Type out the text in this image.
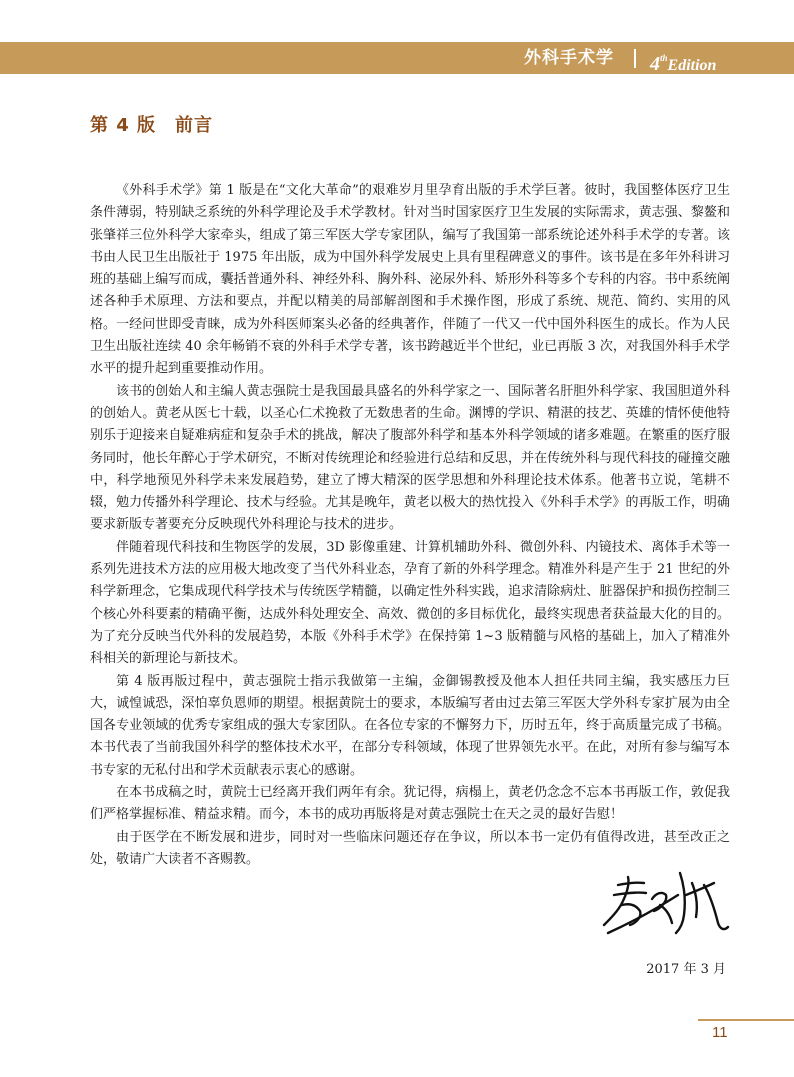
外科手术学 4thEdition
第 4 版　前言

《外科手术学》第 1 版是在“文化大革命”的艰难岁月里孕育出版的手术学巨著。彼时，我国整体医疗卫生条件薄弱，特别缺乏系统的外科学理论及手术学教材。针对当时国家医疗卫生发展的实际需求，黄志强、黎鳌和张肇祥三位外科学大家牵头，组成了第三军医大学专家团队，编写了我国第一部系统论述外科手术学的专著。该书由人民卫生出版社于 1975 年出版，成为中国外科学发展史上具有里程碑意义的事件。该书是在多年外科讲习班的基础上编写而成，囊括普通外科、神经外科、胸外科、泌尿外科、矫形外科等多个专科的内容。书中系统阐述各种手术原理、方法和要点，并配以精美的局部解剖图和手术操作图，形成了系统、规范、简约、实用的风格。一经问世即受青睐，成为外科医师案头必备的经典著作，伴随了一代又一代中国外科医生的成长。作为人民卫生出版社连续 40 余年畅销不衰的外科手术学专著，该书跨越近半个世纪，业已再版 3 次，对我国外科手术学水平的提升起到重要推动作用。

该书的创始人和主编人黄志强院士是我国最具盛名的外科学家之一、国际著名肝胆外科学家、我国胆道外科的创始人。黄老从医七十载，以圣心仁术挽救了无数患者的生命。渊博的学识、精湛的技艺、英雄的情怀使他特别乐于迎接来自疑难病症和复杂手术的挑战，解决了腹部外科学和基本外科学领域的诸多难题。在繁重的医疗服务同时，他长年醉心于学术研究，不断对传统理论和经验进行总结和反思，并在传统外科与现代科技的碰撞交融中，科学地预见外科学未来发展趋势，建立了博大精深的医学思想和外科理论技术体系。他著书立说，笔耕不辍，勉力传播外科学理论、技术与经验。尤其是晚年，黄老以极大的热忱投入《外科手术学》的再版工作，明确要求新版专著要充分反映现代外科理论与技术的进步。

伴随着现代科技和生物医学的发展，3D 影像重建、计算机辅助外科、微创外科、内镜技术、离体手术等一系列先进技术方法的应用极大地改变了当代外科业态，孕育了新的外科学理念。精准外科是产生于 21 世纪的外科学新理念，它集成现代科学技术与传统医学精髓，以确定性外科实践，追求清除病灶、脏器保护和损伤控制三个核心外科要素的精确平衡，达成外科处理安全、高效、微创的多目标优化，最终实现患者获益最大化的目的。为了充分反映当代外科的发展趋势，本版《外科手术学》在保持第 1~3 版精髓与风格的基础上，加入了精准外科相关的新理论与新技术。

第 4 版再版过程中，黄志强院士指示我做第一主编，金御锡教授及他本人担任共同主编，我实感压力巨大，诚惶诚恐，深怕辜负恩师的期望。根据黄院士的要求，本版编写者由过去第三军医大学外科专家扩展为由全国各专业领域的优秀专家组成的强大专家团队。在各位专家的不懈努力下，历时五年，终于高质量完成了书稿。本书代表了当前我国外科学的整体技术水平，在部分专科领域，体现了世界领先水平。在此，对所有参与编写本书专家的无私付出和学术贡献表示衷心的感谢。

在本书成稿之时，黄院士已经离开我们两年有余。犹记得，病榻上，黄老仍念念不忘本书再版工作，敦促我们严格掌握标准、精益求精。而今，本书的成功再版将是对黄志强院士在天之灵的最好告慰！

由于医学在不断发展和进步，同时对一些临床问题还存在争议，所以本书一定仍有值得改进，甚至改正之处，敬请广大读者不吝赐教。

2017 年 3 月
11
